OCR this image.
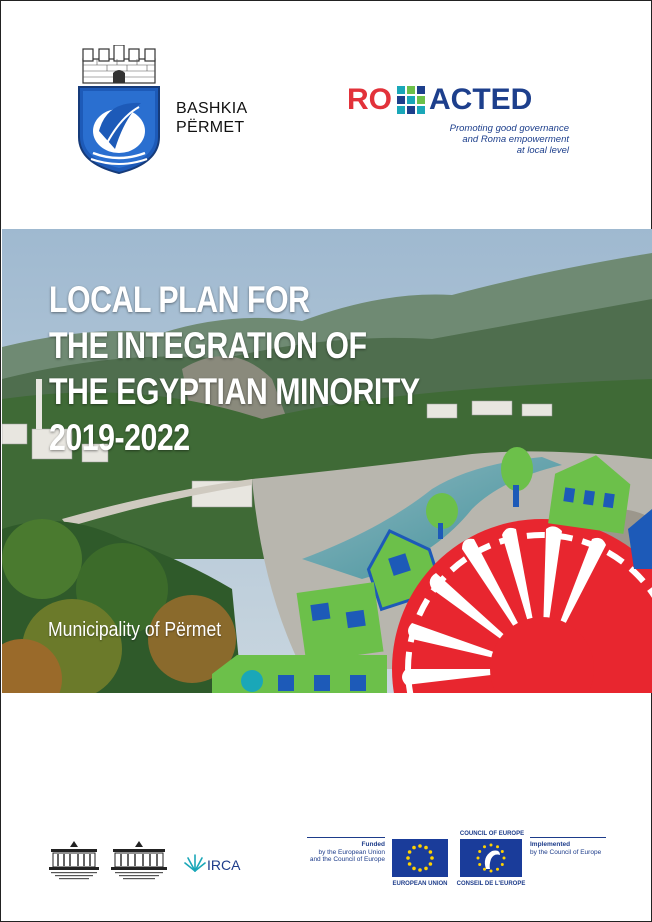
BASHKIA
PËRMET
RO ACTED
Promoting good governance
and Roma empowerment
at local level
LOCAL PLAN FOR
THE INTEGRATION OF
THE EGYPTIAN MINORITY
2019-2022
Municipality of Përmet
IRCA
Funded
by the European Union
and the Council of Europe
EUROPEAN UNION
COUNCIL OF EUROPE
CONSEIL DE L'EUROPE
Implemented
by the Council of Europe
